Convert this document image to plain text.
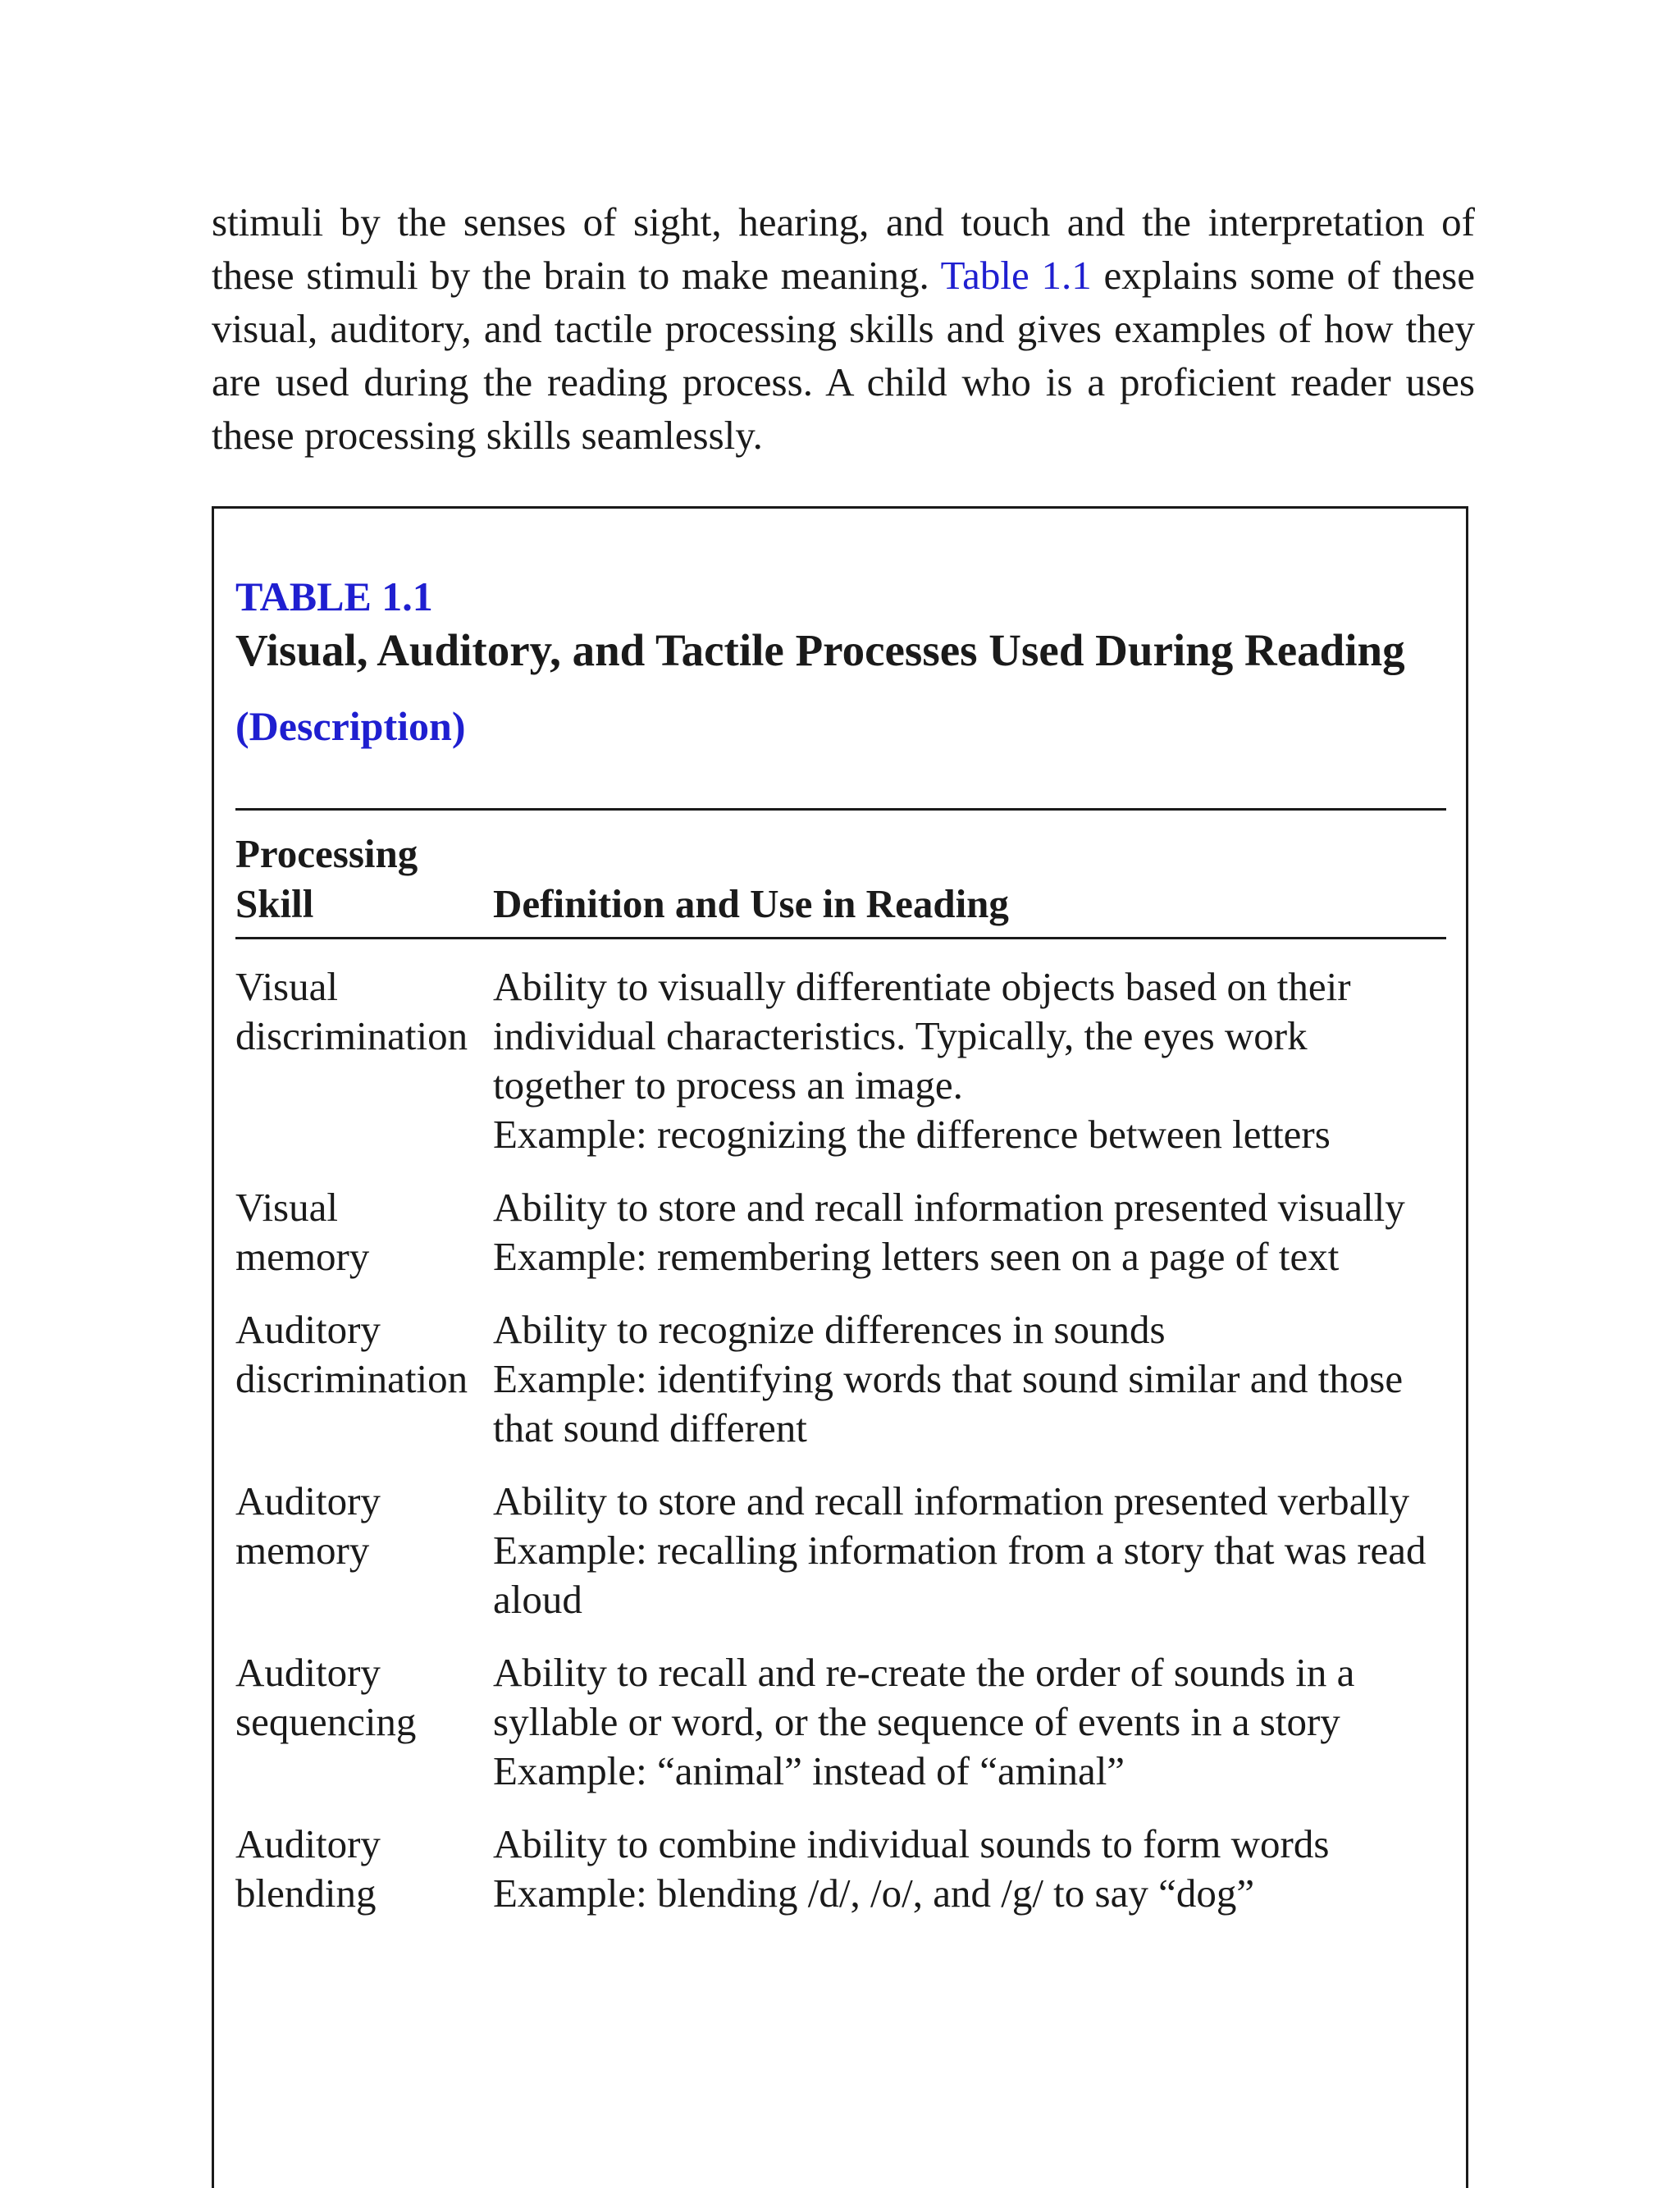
stimuli by the senses of sight, hearing, and touch and the interpretation of these stimuli by the brain to make meaning. Table 1.1 explains some of these visual, auditory, and tactile processing skills and gives examples of how they are used during the reading process. A child who is a proficient reader uses these processing skills seamlessly.

TABLE 1.1
Visual, Auditory, and Tactile Processes Used During Reading
(Description)
Processing
Skill	Definition and Use in Reading
Visual
discrimination
Ability to visually differentiate objects based on their individual characteristics. Typically, the eyes work together to process an image.
Example: recognizing the difference between letters
Visual
memory
Ability to store and recall information presented visually
Example: remembering letters seen on a page of text
Auditory
discrimination
Ability to recognize differences in sounds
Example: identifying words that sound similar and those that sound different
Auditory
memory
Ability to store and recall information presented verbally
Example: recalling information from a story that was read aloud
Auditory
sequencing
Ability to recall and re-create the order of sounds in a syllable or word, or the sequence of events in a story
Example: “animal” instead of “aminal”
Auditory
blending
Ability to combine individual sounds to form words
Example: blending /d/, /o/, and /g/ to say “dog”
